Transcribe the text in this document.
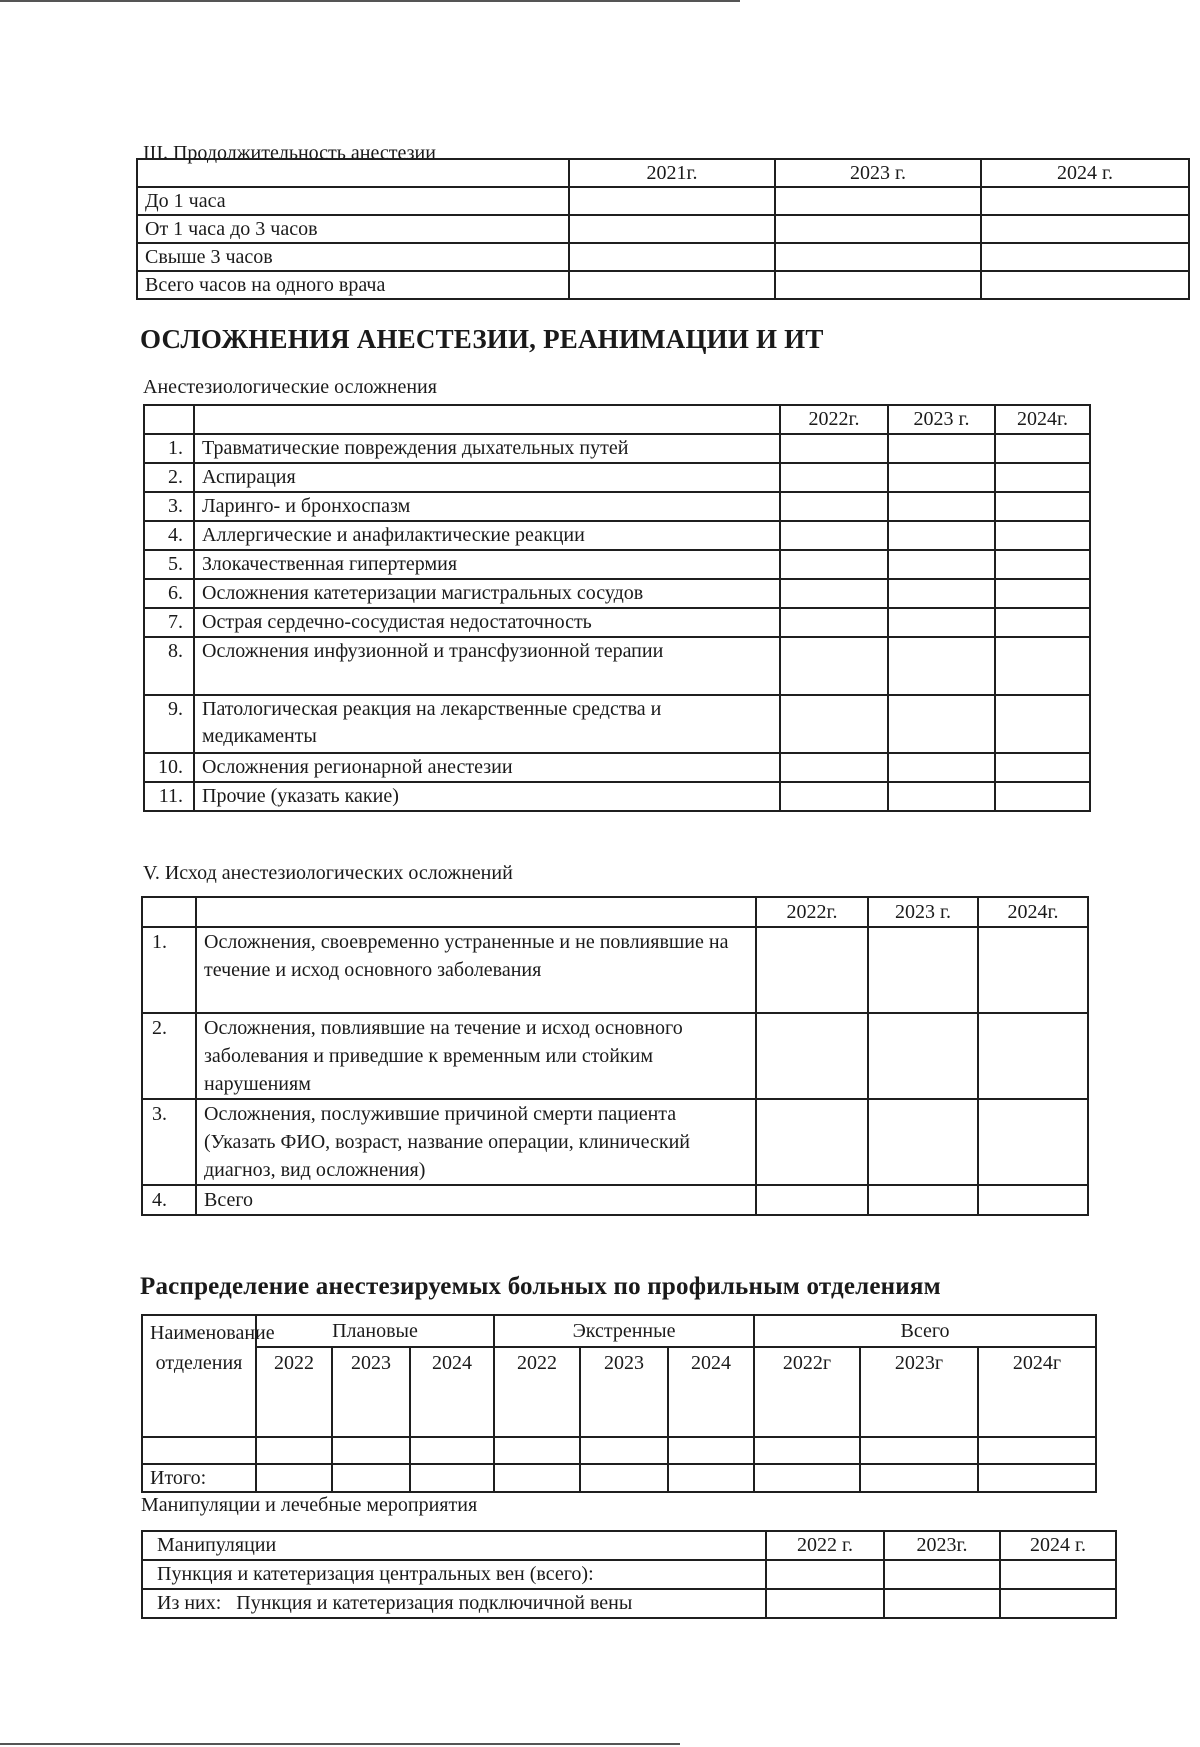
III. Продолжительность анестезии
	2021г.	2023 г.	2024 г.
До 1 часа			
От 1 часа до 3 часов			
Свыше 3 часов			
Всего часов на одного врача			
ОСЛОЖНЕНИЯ АНЕСТЕЗИИ, РЕАНИМАЦИИ И ИТ
Анестезиологические осложнения
		2022г.	2023 г.	2024г.
1.	Травматические повреждения дыхательных путей			
2.	Аспирация			
3.	Ларинго- и бронхоспазм			
4.	Аллергические и анафилактические реакции			
5.	Злокачественная гипертермия			
6.	Осложнения катетеризации магистральных сосудов			
7.	Острая сердечно-сосудистая недостаточность			
8.	Осложнения инфузионной и трансфузионной терапии			
9.	Патологическая реакция на лекарственные средства и медикаменты			
10.	Осложнения регионарной анестезии			
11.	Прочие (указать какие)			
V. Исход анестезиологических осложнений
		2022г.	2023 г.	2024г.
1.	Осложнения, своевременно устраненные и не повлиявшие на течение и исход основного заболевания			
2.	Осложнения, повлиявшие на течение и исход основного заболевания и приведшие к временным или стойким нарушениям			
3.	Осложнения, послужившие причиной смерти пациента (Указать ФИО, возраст, название операции, клинический диагноз, вид осложнения)			
4.	Всего			
Распределение анестезируемых больных по профильным отделениям
Наименование отделения	Плановые			Экстренные			Всего		
	2022	2023	2024	2022	2023	2024	2022г	2023г	2024г

Итого:									
Манипуляции и лечебные мероприятия
Манипуляции	2022 г.	2023г.	2024 г.
Пункция и катетеризация центральных вен (всего):			
Из них:   Пункция и катетеризация подключичной вены			
